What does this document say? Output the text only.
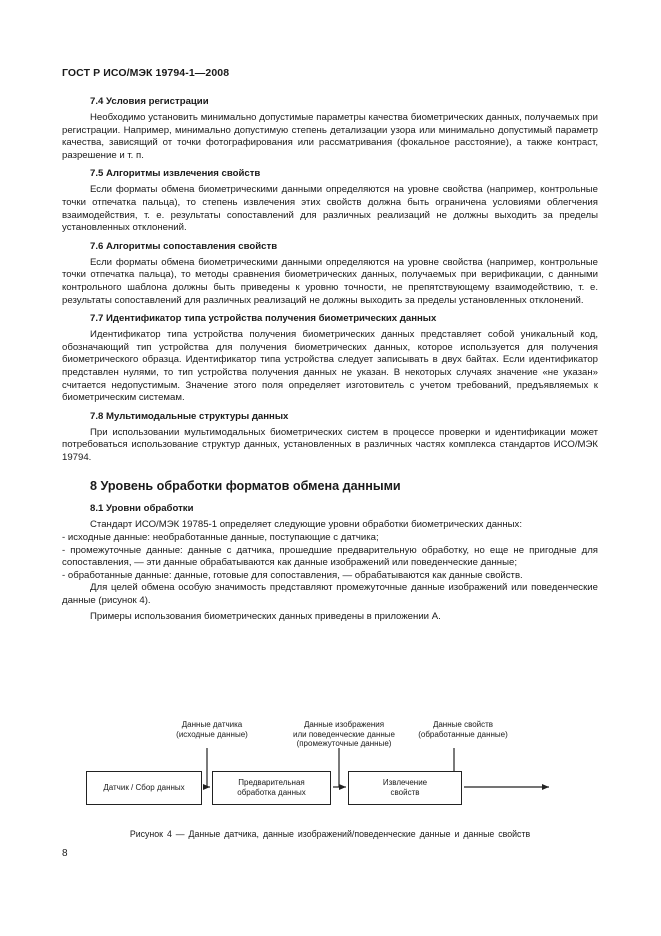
ГОСТ Р ИСО/МЭК 19794-1—2008
7.4 Условия регистрации

Необходимо установить минимально допустимые параметры качества биометрических данных, получаемых при регистрации. Например, минимально допустимую степень детализации узора или минимально допустимый параметр качества, зависящий от точки фотографирования или рассматривания (фокальное расстояние), а также контраст, разрешение и т. п.

7.5 Алгоритмы извлечения свойств

Если форматы обмена биометрическими данными определяются на уровне свойства (например, контрольные точки отпечатка пальца), то степень извлечения этих свойств должна быть ограничена условиями облегчения взаимодействия, т. е. результаты сопоставлений для различных реализаций не должны выходить за пределы установленных отклонений.

7.6 Алгоритмы сопоставления свойств

Если форматы обмена биометрическими данными определяются на уровне свойства (например, контрольные точки отпечатка пальца), то методы сравнения биометрических данных, получаемых при верификации, с данными контрольного шаблона должны быть приведены к уровню точности, не препятствующему взаимодействию, т. е. результаты сопоставлений для различных реализаций не должны выходить за пределы установленных отклонений.

7.7 Идентификатор типа устройства получения биометрических данных

Идентификатор типа устройства получения биометрических данных представляет собой уникальный код, обозначающий тип устройства для получения биометрических данных, которое используется для получения биометрического образца. Идентификатор типа устройства следует записывать в двух байтах. Если идентификатор представлен нулями, то тип устройства получения данных не указан. В некоторых случаях значение «не указан» считается недопустимым. Значение этого поля определяет изготовитель с учетом требований, предъявляемых к биометрическим системам.

7.8 Мультимодальные структуры данных

При использовании мультимодальных биометрических систем в процессе проверки и идентификации может потребоваться использование структур данных, установленных в различных частях комплекса стандартов ИСО/МЭК 19794.

8 Уровень обработки форматов обмена данными
8.1 Уровни обработки

Стандарт ИСО/МЭК 19785-1 определяет следующие уровни обработки биометрических данных:

- исходные данные: необработанные данные, поступающие с датчика;

- промежуточные данные: данные с датчика, прошедшие предварительную обработку, но еще не пригодные для сопоставления, — эти данные обрабатываются как данные изображений или поведенческие данные;

- обработанные данные: данные, готовые для сопоставления, — обрабатываются как данные свойств.

Для целей обмена особую значимость представляют промежуточные данные изображений или поведенческие данные (рисунок 4).

Примеры использования биометрических данных приведены в приложении А.

Данные датчика
(исходные данные)
Данные изображения
или поведенческие данные
(промежуточные данные)
Данные свойств
(обработанные данные)
Датчик / Сбор данных
Предварительная
обработка данных
Извлечение
свойств
Рисунок 4 — Данные датчика, данные изображений/поведенческие данные и данные свойств
8
